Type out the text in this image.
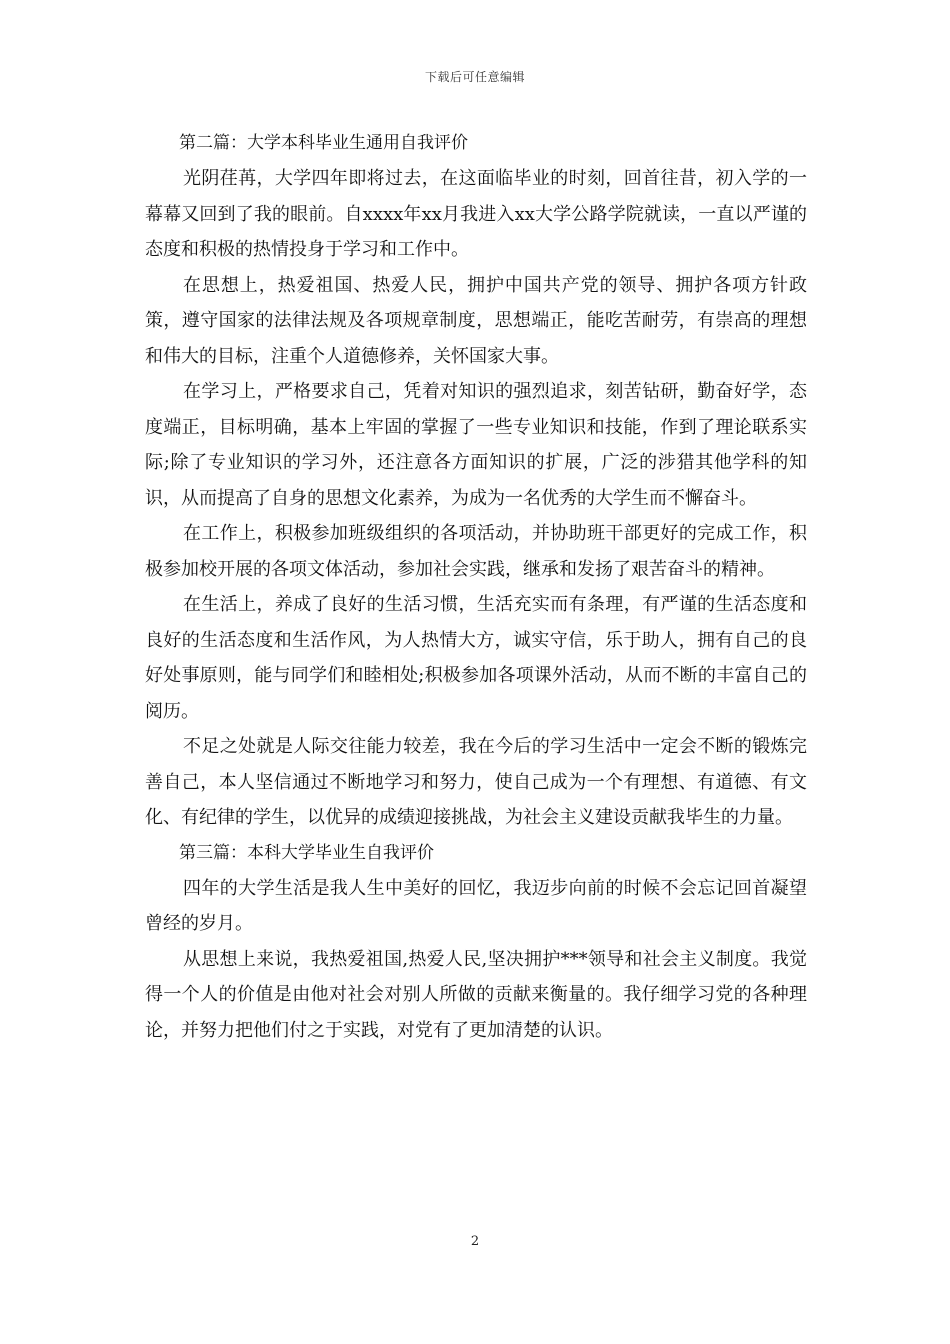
下载后可任意编辑
第二篇：大学本科毕业生通用自我评价

光阴荏苒，大学四年即将过去，在这面临毕业的时刻，回首往昔，初入学的一幕幕又回到了我的眼前。自xxxx年xx月我进入xx大学公路学院就读，一直以严谨的态度和积极的热情投身于学习和工作中。

在思想上，热爱祖国、热爱人民，拥护中国共产党的领导、拥护各项方针政策，遵守国家的法律法规及各项规章制度，思想端正，能吃苦耐劳，有崇高的理想和伟大的目标，注重个人道德修养，关怀国家大事。

在学习上，严格要求自己，凭着对知识的强烈追求，刻苦钻研，勤奋好学，态度端正，目标明确，基本上牢固的掌握了一些专业知识和技能，作到了理论联系实际;除了专业知识的学习外，还注意各方面知识的扩展，广泛的涉猎其他学科的知识，从而提高了自身的思想文化素养，为成为一名优秀的大学生而不懈奋斗。

在工作上，积极参加班级组织的各项活动，并协助班干部更好的完成工作，积极参加校开展的各项文体活动，参加社会实践，继承和发扬了艰苦奋斗的精神。

在生活上，养成了良好的生活习惯，生活充实而有条理，有严谨的生活态度和良好的生活态度和生活作风，为人热情大方，诚实守信，乐于助人，拥有自己的良好处事原则，能与同学们和睦相处;积极参加各项课外活动，从而不断的丰富自己的阅历。

不足之处就是人际交往能力较差，我在今后的学习生活中一定会不断的锻炼完善自己，本人坚信通过不断地学习和努力，使自己成为一个有理想、有道德、有文化、有纪律的学生，以优异的成绩迎接挑战，为社会主义建设贡献我毕生的力量。

第三篇：本科大学毕业生自我评价

四年的大学生活是我人生中美好的回忆，我迈步向前的时候不会忘记回首凝望曾经的岁月。

从思想上来说，我热爱祖国,热爱人民,坚决拥护***领导和社会主义制度。我觉得一个人的价值是由他对社会对别人所做的贡献来衡量的。我仔细学习党的各种理论，并努力把他们付之于实践，对党有了更加清楚的认识。

2
